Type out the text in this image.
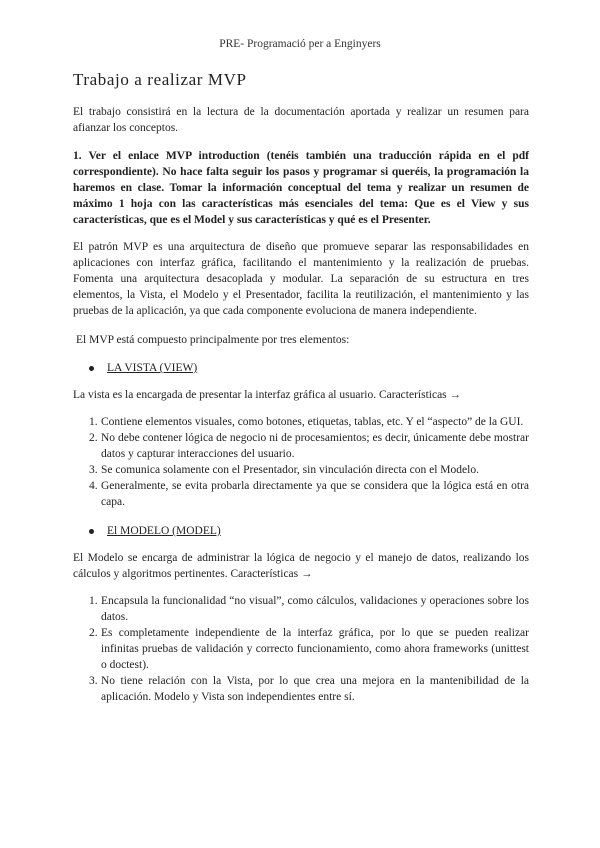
PRE- Programació per a Enginyers
Trabajo a realizar MVP

El trabajo consistirá en la lectura de la documentación aportada y realizar un resumen para afianzar los conceptos.

1. Ver el enlace MVP introduction (tenéis también una traducción rápida en el pdf correspondiente). No hace falta seguir los pasos y programar si queréis, la programación la haremos en clase. Tomar la información conceptual del tema y realizar un resumen de máximo 1 hoja con las características más esenciales del tema: Que es el View y sus características, que es el Model y sus características y qué es el Presenter.

El patrón MVP es una arquitectura de diseño que promueve separar las responsabilidades en aplicaciones con interfaz gráfica, facilitando el mantenimiento y la realización de pruebas. Fomenta una arquitectura desacoplada y modular. La separación de su estructura en tres elementos, la Vista, el Modelo y el Presentador, facilita la reutilización, el mantenimiento y las pruebas de la aplicación, ya que cada componente evoluciona de manera independiente.

El MVP está compuesto principalmente por tres elementos:

LA VISTA (VIEW)

La vista es la encargada de presentar la interfaz gráfica al usuario. Características →

1. Contiene elementos visuales, como botones, etiquetas, tablas, etc. Y el “aspecto” de la GUI.
2. No debe contener lógica de negocio ni de procesamientos; es decir, únicamente debe mostrar datos y capturar interacciones del usuario.
3. Se comunica solamente con el Presentador, sin vinculación directa con el Modelo.
4. Generalmente, se evita probarla directamente ya que se considera que la lógica está en otra capa.
El MODELO (MODEL)

El Modelo se encarga de administrar la lógica de negocio y el manejo de datos, realizando los cálculos y algoritmos pertinentes. Características →

1. Encapsula la funcionalidad “no visual”, como cálculos, validaciones y operaciones sobre los datos.
2. Es completamente independiente de la interfaz gráfica, por lo que se pueden realizar infinitas pruebas de validación y correcto funcionamiento, como ahora frameworks (unittest o doctest).
3. No tiene relación con la Vista, por lo que crea una mejora en la mantenibilidad de la aplicación. Modelo y Vista son independientes entre sí.
